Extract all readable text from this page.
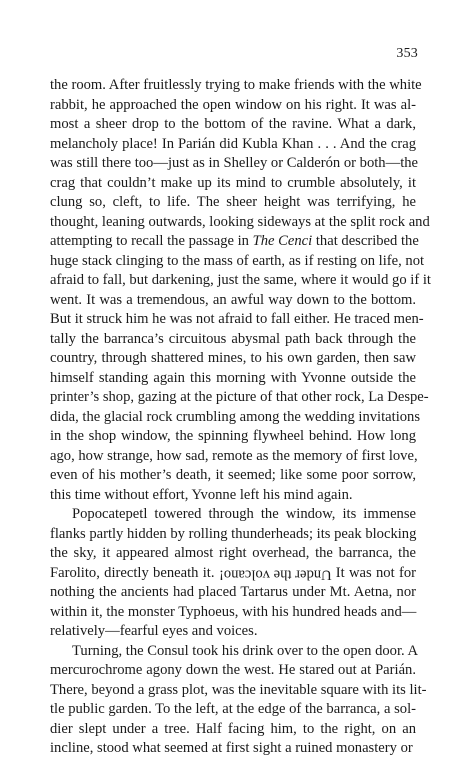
353
the room. After fruitlessly trying to make friends with the white
rabbit, he approached the open window on his right. It was al-
most a sheer drop to the bottom of the ravine. What a dark,
melancholy place! In Parián did Kubla Khan . . . And the crag
was still there too—just as in Shelley or Calderón or both—the
crag that couldn’t make up its mind to crumble absolutely, it
clung so, cleft, to life. The sheer height was terrifying, he
thought, leaning outwards, looking sideways at the split rock and
attempting to recall the passage in The Cenci that described the
huge stack clinging to the mass of earth, as if resting on life, not
afraid to fall, but darkening, just the same, where it would go if it
went. It was a tremendous, an awful way down to the bottom.
But it struck him he was not afraid to fall either. He traced men-
tally the barranca’s circuitous abysmal path back through the
country, through shattered mines, to his own garden, then saw
himself standing again this morning with Yvonne outside the
printer’s shop, gazing at the picture of that other rock, La Despe-
dida, the glacial rock crumbling among the wedding invitations
in the shop window, the spinning flywheel behind. How long
ago, how strange, how sad, remote as the memory of first love,
even of his mother’s death, it seemed; like some poor sorrow,
this time without effort, Yvonne left his mind again.
Popocatepetl towered through the window, its immense
flanks partly hidden by rolling thunderheads; its peak blocking
the sky, it appeared almost right overhead, the barranca, the
Farolito, directly beneath it. Under the volcano! It was not for
nothing the ancients had placed Tartarus under Mt. Aetna, nor
within it, the monster Typhoeus, with his hundred heads and—
relatively—fearful eyes and voices.
Turning, the Consul took his drink over to the open door. A
mercurochrome agony down the west. He stared out at Parián.
There, beyond a grass plot, was the inevitable square with its lit-
tle public garden. To the left, at the edge of the barranca, a sol-
dier slept under a tree. Half facing him, to the right, on an
incline, stood what seemed at first sight a ruined monastery or
